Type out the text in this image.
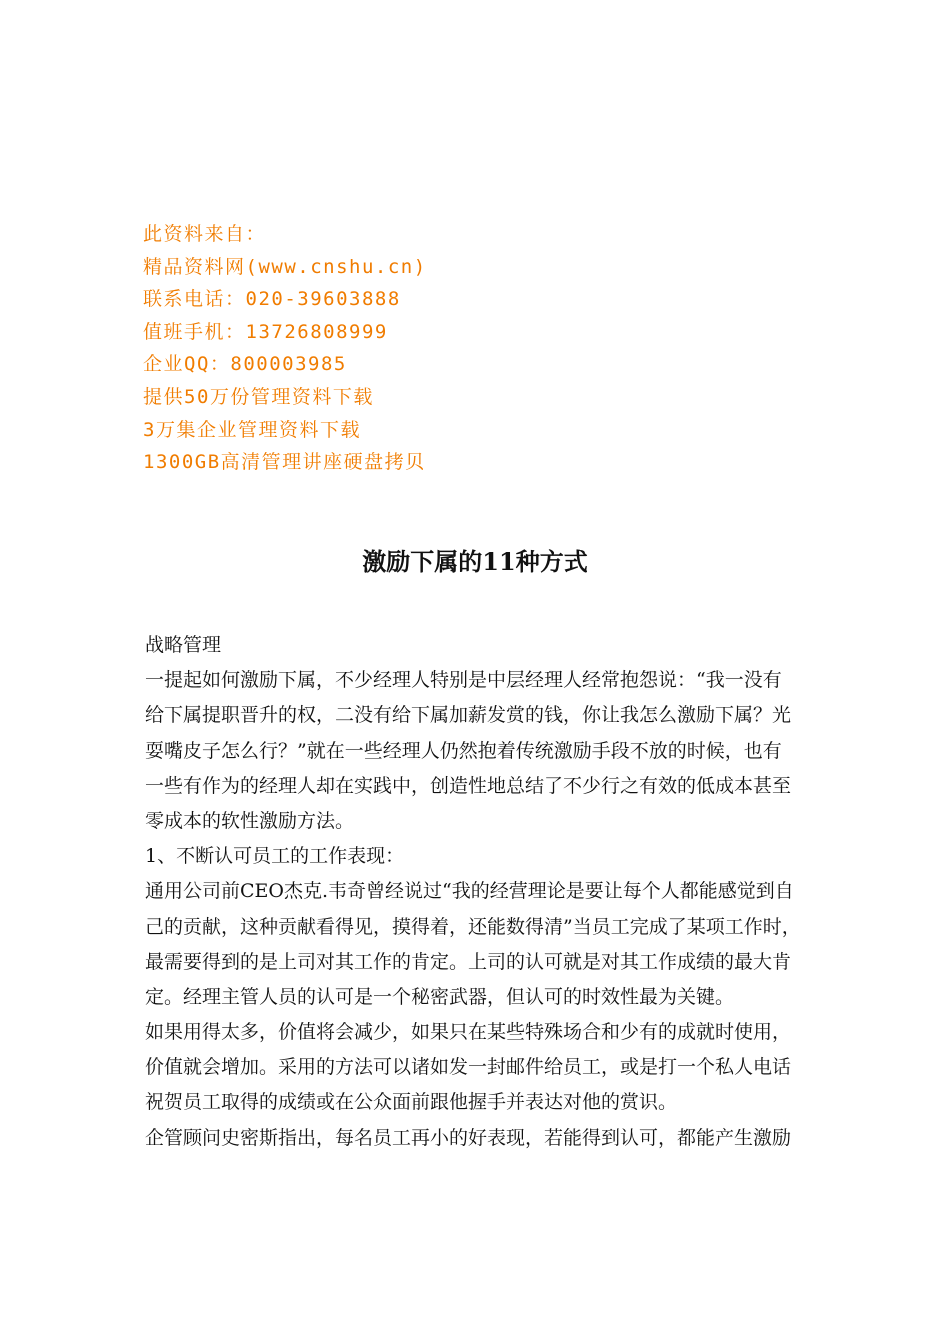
此资料来自：
精品资料网(www.cnshu.cn)
联系电话：020-39603888
值班手机：13726808999
企业QQ：800003985
提供50万份管理资料下载
3万集企业管理资料下载
1300GB高清管理讲座硬盘拷贝
激励下属的11种方式
战略管理
一提起如何激励下属，不少经理人特别是中层经理人经常抱怨说：“我一没有
给下属提职晋升的权，二没有给下属加薪发赏的钱，你让我怎么激励下属？光
耍嘴皮子怎么行？”就在一些经理人仍然抱着传统激励手段不放的时候，也有
一些有作为的经理人却在实践中，创造性地总结了不少行之有效的低成本甚至
零成本的软性激励方法。
1、不断认可员工的工作表现：
通用公司前CEO杰克.韦奇曾经说过“我的经营理论是要让每个人都能感觉到自
己的贡献，这种贡献看得见，摸得着，还能数得清”当员工完成了某项工作时，
最需要得到的是上司对其工作的肯定。上司的认可就是对其工作成绩的最大肯
定。经理主管人员的认可是一个秘密武器，但认可的时效性最为关键。
如果用得太多，价值将会减少，如果只在某些特殊场合和少有的成就时使用，
价值就会增加。采用的方法可以诸如发一封邮件给员工，或是打一个私人电话
祝贺员工取得的成绩或在公众面前跟他握手并表达对他的赏识。
企管顾问史密斯指出，每名员工再小的好表现，若能得到认可，都能产生激励
